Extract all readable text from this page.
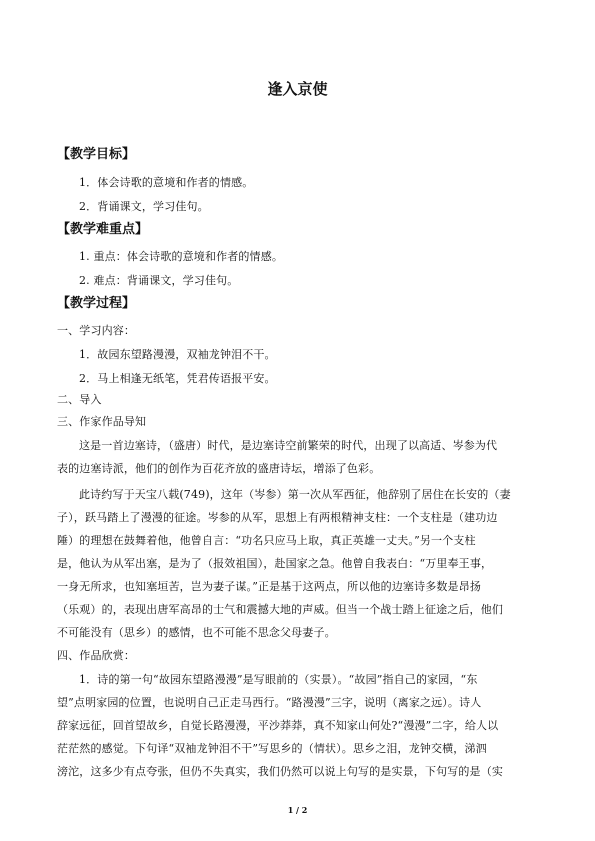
逢入京使
【教学目标】
1．体会诗歌的意境和作者的情感。
2．背诵课文，学习佳句。
【教学难重点】
1. 重点：体会诗歌的意境和作者的情感。
2. 难点：背诵课文，学习佳句。
【教学过程】
一、学习内容：
1．故园东望路漫漫，双袖龙钟泪不干。
2．马上相逢无纸笔，凭君传语报平安。
二、导入
三、作家作品导知
这是一首边塞诗，（盛唐）时代，是边塞诗空前繁荣的时代，出现了以高适、岑参为代
表的边塞诗派，他们的创作为百花齐放的盛唐诗坛，增添了色彩。
此诗约写于天宝八载(749)，这年（岑参）第一次从军西征，他辞别了居住在长安的（妻
子），跃马踏上了漫漫的征途。岑参的从军，思想上有两根精神支柱：一个支柱是（建功边
陲）的理想在鼓舞着他，他曾自言：“功名只应马上取，真正英雄一丈夫。”另一个支柱
是，他认为从军出塞，是为了（报效祖国），赴国家之急。他曾自我表白：“万里奉王事，
一身无所求，也知塞垣苦，岂为妻子谋。”正是基于这两点，所以他的边塞诗多数是昂扬
（乐观）的，表现出唐军高昂的士气和震撼大地的声威。但当一个战士踏上征途之后，他们
不可能没有（思乡）的感情，也不可能不思念父母妻子。
四、作品欣赏：
1．诗的第一句“故园东望路漫漫”是写眼前的（实景）。“故园”指自己的家园，“东
望”点明家园的位置，也说明自己正走马西行。“路漫漫”三字，说明（离家之远）。诗人
辞家远征，回首望故乡，自觉长路漫漫，平沙莽莽，真不知家山何处?“漫漫”二字，给人以
茫茫然的感觉。下句译“双袖龙钟泪不干”写思乡的（情状）。思乡之泪，龙钟交横，涕泗
滂沱，这多少有点夸张，但仍不失真实，我们仍然可以说上句写的是实景，下句写的是（实
1 / 2
